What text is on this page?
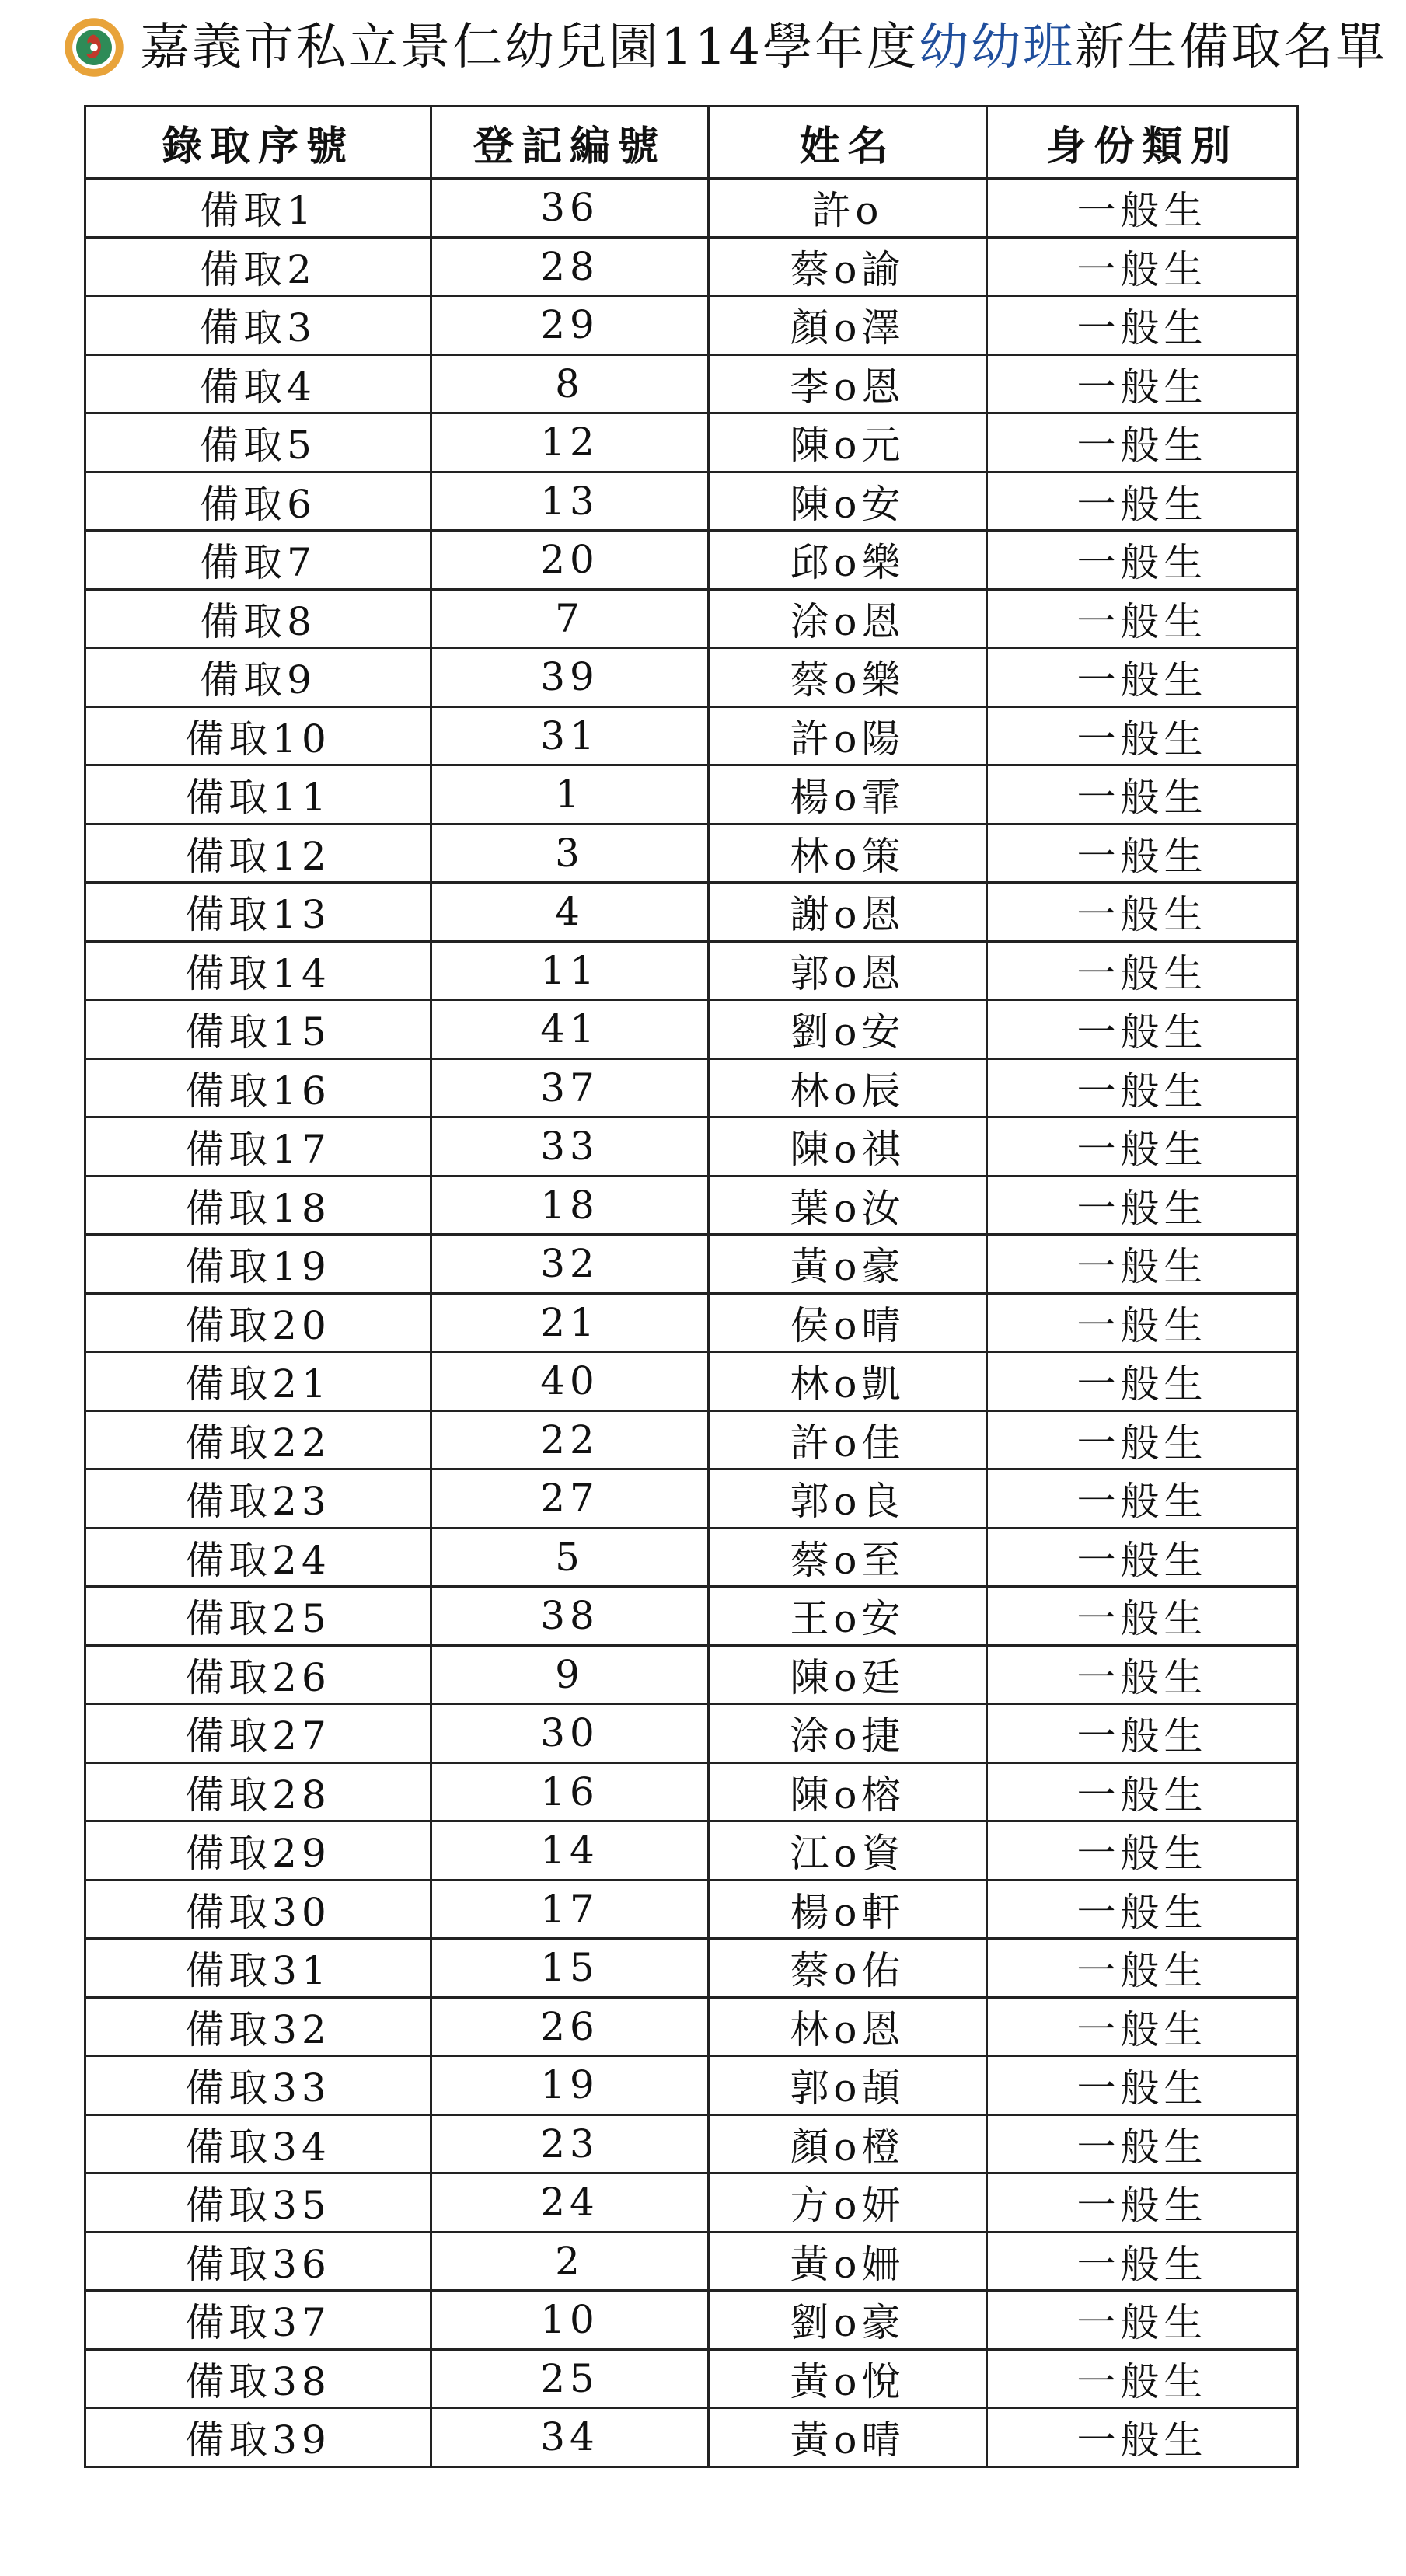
嘉義市私立景仁幼兒園114學年度幼幼班新生備取名單
錄取序號	登記編號	姓名	身份類別
備取1	36	許o	一般生
備取2	28	蔡o諭	一般生
備取3	29	顏o澤	一般生
備取4	8	李o恩	一般生
備取5	12	陳o元	一般生
備取6	13	陳o安	一般生
備取7	20	邱o樂	一般生
備取8	7	涂o恩	一般生
備取9	39	蔡o樂	一般生
備取10	31	許o陽	一般生
備取11	1	楊o霏	一般生
備取12	3	林o策	一般生
備取13	4	謝o恩	一般生
備取14	11	郭o恩	一般生
備取15	41	劉o安	一般生
備取16	37	林o辰	一般生
備取17	33	陳o祺	一般生
備取18	18	葉o汝	一般生
備取19	32	黃o豪	一般生
備取20	21	侯o晴	一般生
備取21	40	林o凱	一般生
備取22	22	許o佳	一般生
備取23	27	郭o良	一般生
備取24	5	蔡o至	一般生
備取25	38	王o安	一般生
備取26	9	陳o廷	一般生
備取27	30	涂o捷	一般生
備取28	16	陳o榕	一般生
備取29	14	江o資	一般生
備取30	17	楊o軒	一般生
備取31	15	蔡o佑	一般生
備取32	26	林o恩	一般生
備取33	19	郭o頡	一般生
備取34	23	顏o橙	一般生
備取35	24	方o妍	一般生
備取36	2	黃o姍	一般生
備取37	10	劉o豪	一般生
備取38	25	黃o悅	一般生
備取39	34	黃o晴	一般生
